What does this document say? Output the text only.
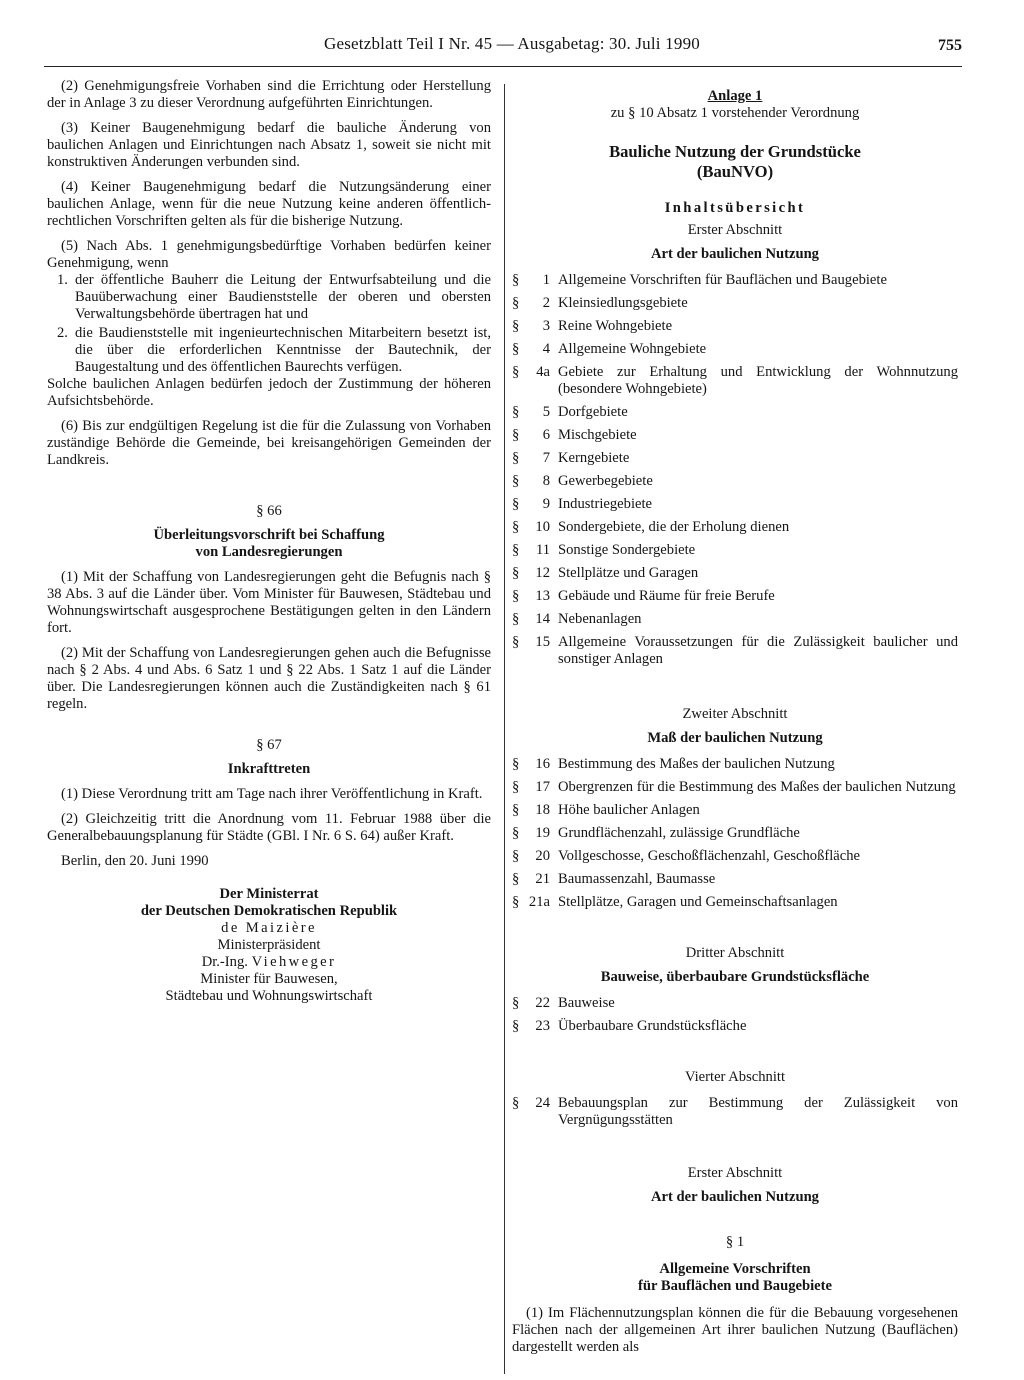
Gesetzblatt Teil I Nr. 45 — Ausgabetag: 30. Juli 1990	755

(2) Genehmigungsfreie Vorhaben sind die Errichtung oder Herstellung der in Anlage 3 zu dieser Verordnung aufgeführten Einrichtungen.

(3) Keiner Baugenehmigung bedarf die bauliche Änderung von baulichen Anlagen und Einrichtungen nach Absatz 1, soweit sie nicht mit konstruktiven Änderungen verbunden sind.

(4) Keiner Baugenehmigung bedarf die Nutzungsänderung einer baulichen Anlage, wenn für die neue Nutzung keine anderen öffentlich-rechtlichen Vorschriften gelten als für die bisherige Nutzung.

(5) Nach Abs. 1 genehmigungsbedürftige Vorhaben bedürfen keiner Genehmigung, wenn

1. der öffentliche Bauherr die Leitung der Entwurfsabteilung und die Bauüberwachung einer Baudienststelle der oberen und obersten Verwaltungsbehörde übertragen hat und
2. die Baudienststelle mit ingenieurtechnischen Mitarbeitern besetzt ist, die über die erforderlichen Kenntnisse der Bautechnik, der Baugestaltung und des öffentlichen Baurechts verfügen.

Solche baulichen Anlagen bedürfen jedoch der Zustimmung der höheren Aufsichtsbehörde.

(6) Bis zur endgültigen Regelung ist die für die Zulassung von Vorhaben zuständige Behörde die Gemeinde, bei kreisangehörigen Gemeinden der Landkreis.

§ 66

Überleitungsvorschrift bei Schaffung

von Landesregierungen

(1) Mit der Schaffung von Landesregierungen geht die Befugnis nach § 38 Abs. 3 auf die Länder über. Vom Minister für Bauwesen, Städtebau und Wohnungswirtschaft ausgesprochene Bestätigungen gelten in den Ländern fort.

(2) Mit der Schaffung von Landesregierungen gehen auch die Befugnisse nach § 2 Abs. 4 und Abs. 6 Satz 1 und § 22 Abs. 1 Satz 1 auf die Länder über. Die Landesregierungen können auch die Zuständigkeiten nach § 61 regeln.

§ 67

Inkrafttreten

(1) Diese Verordnung tritt am Tage nach ihrer Veröffentlichung in Kraft.

(2) Gleichzeitig tritt die Anordnung vom 11. Februar 1988 über die Generalbebauungsplanung für Städte (GBl. I Nr. 6 S. 64) außer Kraft.

Berlin, den 20. Juni 1990

Der Ministerrat

der Deutschen Demokratischen Republik

de Maizière

Ministerpräsident

Dr.-Ing. Viehweger

Minister für Bauwesen,

Städtebau und Wohnungswirtschaft

Anlage 1

zu § 10 Absatz 1 vorstehender Verordnung

Bauliche Nutzung der Grundstücke

(BauNVO)

Inhaltsübersicht

Erster Abschnitt

Art der baulichen Nutzung

§ 1 Allgemeine Vorschriften für Bauflächen und Baugebiete
§ 2 Kleinsiedlungsgebiete
§ 3 Reine Wohngebiete
§ 4 Allgemeine Wohngebiete
§ 4a Gebiete zur Erhaltung und Entwicklung der Wohnnutzung (besondere Wohngebiete)
§ 5 Dorfgebiete
§ 6 Mischgebiete
§ 7 Kerngebiete
§ 8 Gewerbegebiete
§ 9 Industriegebiete
§ 10 Sondergebiete, die der Erholung dienen
§ 11 Sonstige Sondergebiete
§ 12 Stellplätze und Garagen
§ 13 Gebäude und Räume für freie Berufe
§ 14 Nebenanlagen
§ 15 Allgemeine Voraussetzungen für die Zulässigkeit baulicher und sonstiger Anlagen

Zweiter Abschnitt

Maß der baulichen Nutzung

§ 16 Bestimmung des Maßes der baulichen Nutzung
§ 17 Obergrenzen für die Bestimmung des Maßes der baulichen Nutzung
§ 18 Höhe baulicher Anlagen
§ 19 Grundflächenzahl, zulässige Grundfläche
§ 20 Vollgeschosse, Geschoßflächenzahl, Geschoßfläche
§ 21 Baumassenzahl, Baumasse
§ 21a Stellplätze, Garagen und Gemeinschaftsanlagen

Dritter Abschnitt

Bauweise, überbaubare Grundstücksfläche

§ 22 Bauweise
§ 23 Überbaubare Grundstücksfläche

Vierter Abschnitt

§ 24 Bebauungsplan zur Bestimmung der Zulässigkeit von Vergnügungsstätten

Erster Abschnitt

Art der baulichen Nutzung

§ 1

Allgemeine Vorschriften

für Bauflächen und Baugebiete

(1) Im Flächennutzungsplan können die für die Bebauung vorgesehenen Flächen nach der allgemeinen Art ihrer baulichen Nutzung (Bauflächen) dargestellt werden als
